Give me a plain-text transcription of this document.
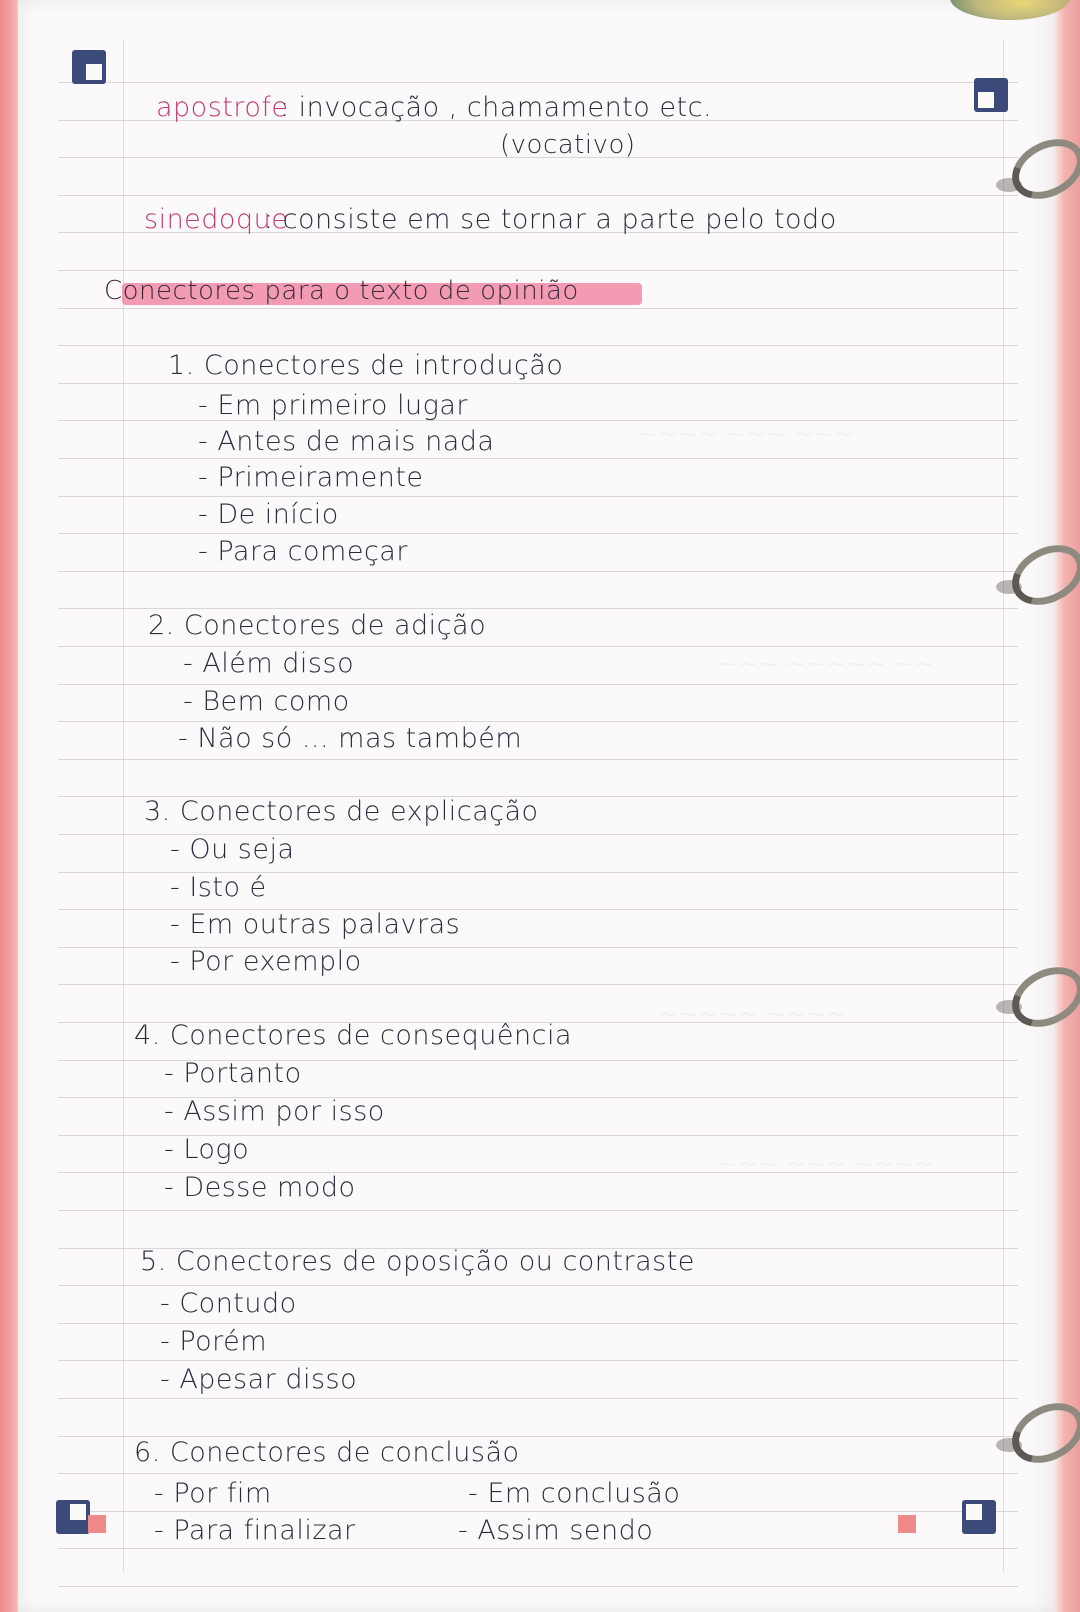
~~~~ ~~~ ~~~
~~~ ~~~~~ ~~
~~~~~ ~~~~
~~~ ~~~ ~~~~
apostrofe
: invocação , chamamento etc.
(vocativo)
sinedoque
: consiste em se tornar a parte pelo todo
Conectores para o texto de opinião
1. Conectores de introdução
- Em primeiro lugar
- Antes de mais nada
- Primeiramente
- De início
- Para começar
2. Conectores de adição
- Além disso
- Bem como
- Não só ... mas também
3. Conectores de explicação
- Ou seja
- Isto é
- Em outras palavras
- Por exemplo
4. Conectores de consequência
- Portanto
- Assim por isso
- Logo
- Desse modo
5. Conectores de oposição ou contraste
- Contudo
- Porém
- Apesar disso
6. Conectores de conclusão
- Por fim
- Para finalizar
- Em conclusão
- Assim sendo
